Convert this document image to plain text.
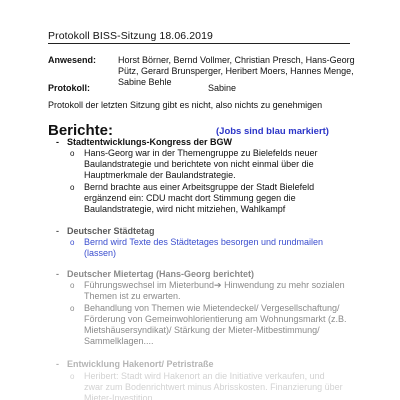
Protokoll BISS-Sitzung 18.06.2019
Anwesend: Horst Börner, Bernd Vollmer, Christian Presch, Hans-Georg
Pütz, Gerard Brunsperger, Heribert Moers, Hannes Menge,
Sabine Behle
Protokoll:	Sabine
Protokoll der letzten Sitzung gibt es nicht, also nichts zu genehmigen
Berichte:	(Jobs sind blau markiert)
- Stadtentwicklungs-Kongress der BGW
o Hans-Georg war in der Themengruppe zu Bielefelds neuer
Baulandstrategie und berichtete von nicht einmal über die
Hauptmerkmale der Baulandstrategie.
o Bernd brachte aus einer Arbeitsgruppe der Stadt Bielefeld
ergänzend ein: CDU macht dort Stimmung gegen die
Baulandstrategie, wird nicht mitziehen, Wahlkampf
- Deutscher Städtetag
o Bernd wird Texte des Städtetages besorgen und rundmailen
(lassen)
- Deutscher Mietertag (Hans-Georg berichtet)
o Führungswechsel im Mieterbund➔ Hinwendung zu mehr sozialen
Themen ist zu erwarten.
o Behandlung von Themen wie Mietendeckel/ Vergesellschaftung/
Förderung von Gemeinwohlorientierung am Wohnungsmarkt (z.B.
Mietshäusersyndikat)/ Stärkung der Mieter-Mitbestimmung/
Sammelklagen....
- Entwicklung Hakenort/ Petristraße
o Heribert: Stadt wird Hakenort an die Initiative verkaufen, und
zwar zum Bodenrichtwert minus Abrisskosten. Finanzierung über
Mieter-Investition...
